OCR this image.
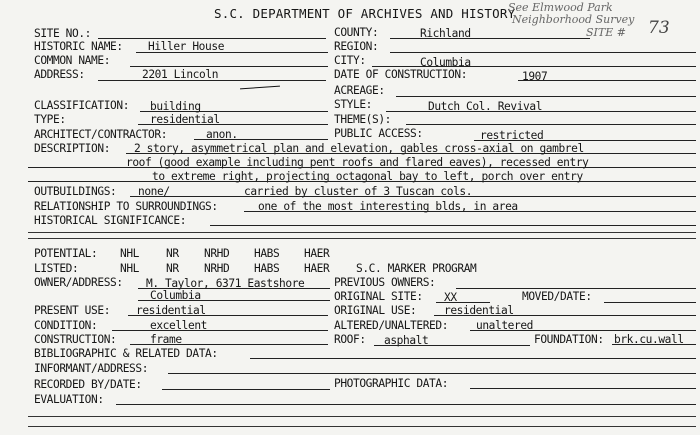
S.C. DEPARTMENT OF ARCHIVES AND HISTORY
See Elmwood Park
Neighborhood Survey
SITE # 73
SITE NO.:	COUNTY:	Richland
HISTORIC NAME: Hiller House	REGION:
COMMON NAME:	CITY:	Columbia
ADDRESS:	2201 Lincoln	DATE OF CONSTRUCTION:	1907
ACREAGE:
CLASSIFICATION: building	STYLE:	Dutch Col. Revival
TYPE:	residential	THEME(S):
ARCHITECT/CONTRACTOR:	anon.	PUBLIC ACCESS:	restricted
DESCRIPTION: 2 story, asymmetrical plan and elevation, gables cross-axial on gambrel
roof (good example including pent roofs and flared eaves), recessed entry
to extreme right, projecting octagonal bay to left, porch over entry
OUTBUILDINGS: none/	carried by cluster of 3 Tuscan cols.
RELATIONSHIP TO SURROUNDINGS:	one of the most interesting blds, in area
HISTORICAL SIGNIFICANCE:
POTENTIAL: NHL NR NRHD HABS HAER
LISTED:	NHL NR NRHD HABS HAER S.C. MARKER PROGRAM
OWNER/ADDRESS: M. Taylor, 6371 Eastshore	PREVIOUS OWNERS:
Columbia	ORIGINAL SITE: XX	MOVED/DATE:
PRESENT USE: residential	ORIGINAL USE: residential
CONDITION:	excellent	ALTERED/UNALTERED: unaltered
CONSTRUCTION:	frame	ROOF: asphalt	FOUNDATION: brk.cu.wall
BIBLIOGRAPHIC & RELATED DATA:
INFORMANT/ADDRESS:
RECORDED BY/DATE:	PHOTOGRAPHIC DATA:
EVALUATION:
